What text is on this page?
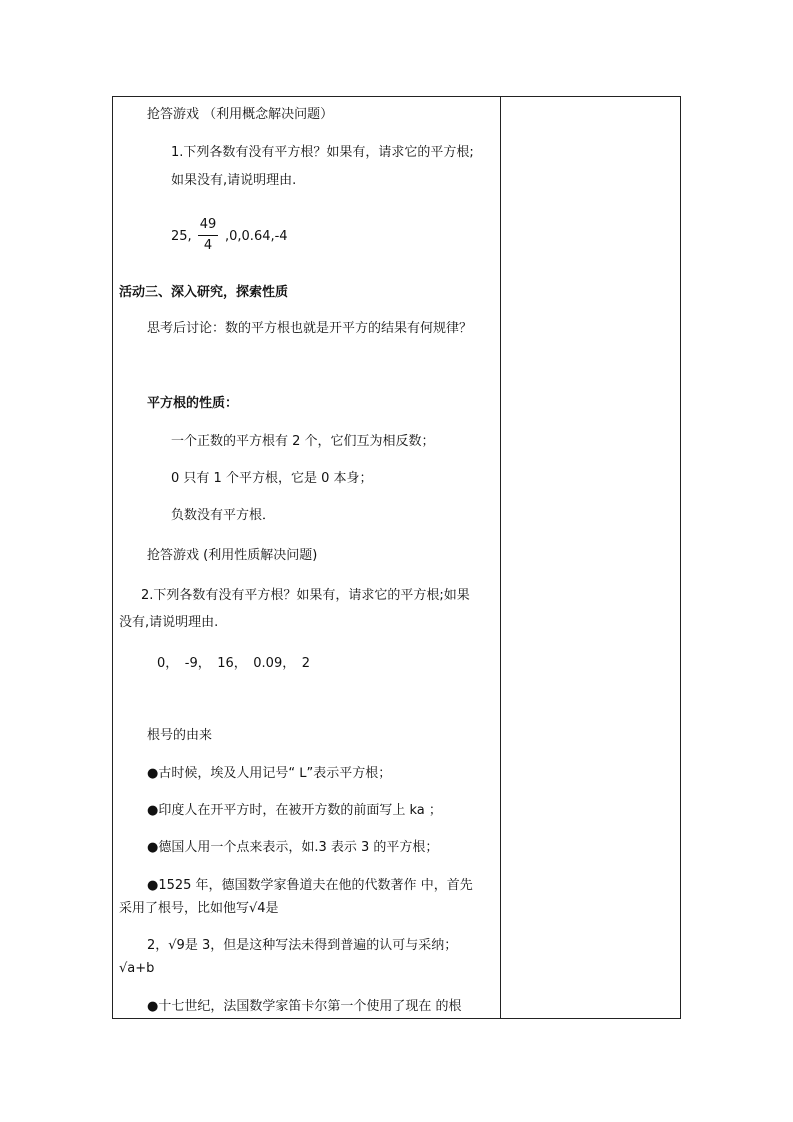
抢答游戏 （利用概念解决问题）
1.下列各数有没有平方根？如果有，请求它的平方根;
如果没有,请说明理由.
25,
49
4
,0,0.64,-4
活动三、深入研究，探索性质
思考后讨论：数的平方根也就是开平方的结果有何规律？
平方根的性质：
一个正数的平方根有 2 个，它们互为相反数；
0 只有 1 个平方根，它是 0 本身；
负数没有平方根．
抢答游戏 (利用性质解决问题)
2.下列各数有没有平方根？如果有，请求它的平方根;如果
没有,请说明理由.
0，　-9，　16，　0.09，　2
根号的由来
●古时候，埃及人用记号“ ᒪ”表示平方根；
●印度人在开平方时，在被开方数的前面写上 ka ；
●德国人用一个点来表示，如.3 表示 3 的平方根；
●1525 年，德国数学家鲁道夫在他的代数著作 中，首先
采用了根号，比如他写√4是
2，√9是 3，但是这种写法未得到普遍的认可与采纳；
√a+b
●十七世纪，法国数学家笛卡尔第一个使用了现在 的根
